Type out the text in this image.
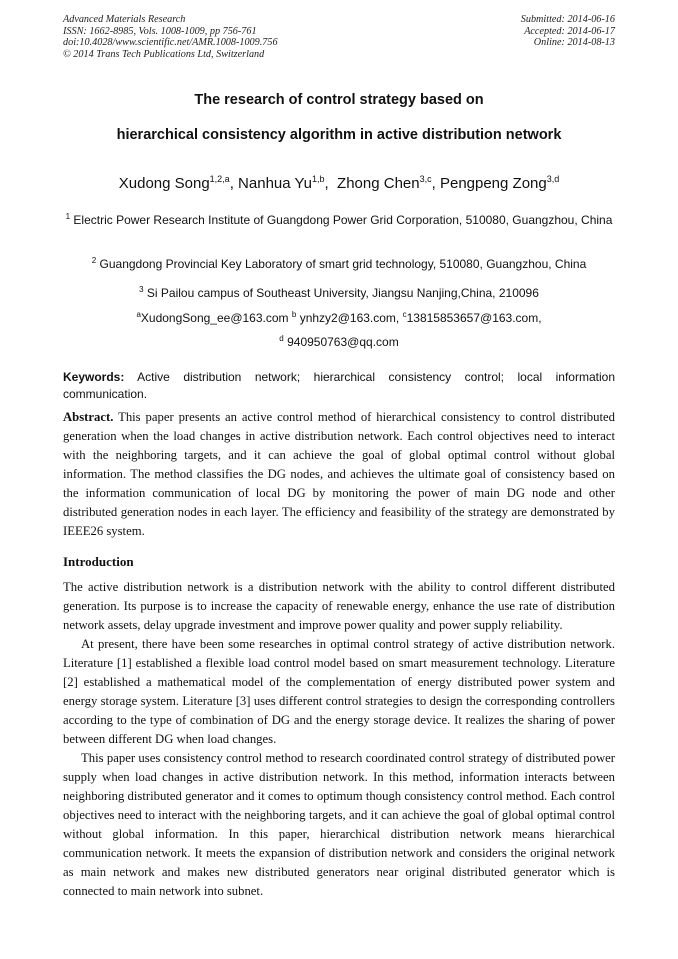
Advanced Materials Research
ISSN: 1662-8985, Vols. 1008-1009, pp 756-761
doi:10.4028/www.scientific.net/AMR.1008-1009.756
© 2014 Trans Tech Publications Ltd, Switzerland
Submitted: 2014-06-16
Accepted: 2014-06-17
Online: 2014-08-13
The research of control strategy based on
hierarchical consistency algorithm in active distribution network
Xudong Song$^{1,2,a}$, Nanhua Yu$^{1,b}$,  Zhong Chen$^{3,c}$, Pengpeng Zong$^{3,d}$
$^1$ Electric Power Research Institute of Guangdong Power Grid Corporation, 510080, Guangzhou, China
$^2$ Guangdong Provincial Key Laboratory of smart grid technology, 510080, Guangzhou, China
$^3$ Si Pailou campus of Southeast University, Jiangsu Nanjing,China, 210096
$^a$XudongSong_ee@163.com $^b$ ynhzy2@163.com, $^c$13815853657@163.com,
$^d$ 940950763@qq.com
Keywords: Active distribution network; hierarchical consistency control; local information communication.
Abstract. This paper presents an active control method of hierarchical consistency to control distributed generation when the load changes in active distribution network. Each control objectives need to interact with the neighboring targets, and it can achieve the goal of global optimal control without global information. The method classifies the DG nodes, and achieves the ultimate goal of consistency based on the information communication of local DG by monitoring the power of main DG node and other distributed generation nodes in each layer. The efficiency and feasibility of the strategy are demonstrated by IEEE26 system.
Introduction

The active distribution network is a distribution network with the ability to control different distributed generation. Its purpose is to increase the capacity of renewable energy, enhance the use rate of distribution network assets, delay upgrade investment and improve power quality and power supply reliability.

At present, there have been some researches in optimal control strategy of active distribution network. Literature [1] established a flexible load control model based on smart measurement technology. Literature [2] established a mathematical model of the complementation of energy distributed power system and energy storage system. Literature [3] uses different control strategies to design the corresponding controllers according to the type of combination of DG and the energy storage device. It realizes the sharing of power between different DG when load changes.

This paper uses consistency control method to research coordinated control strategy of distributed power supply when load changes in active distribution network. In this method, information interacts between neighboring distributed generator and it comes to optimum though consistency control method. Each control objectives need to interact with the neighboring targets, and it can achieve the goal of global optimal control without global information. In this paper, hierarchical distribution network means hierarchical communication network. It meets the expansion of distribution network and considers the original network as main network and makes new distributed generators near original distributed generator which is connected to main network into subnet.
